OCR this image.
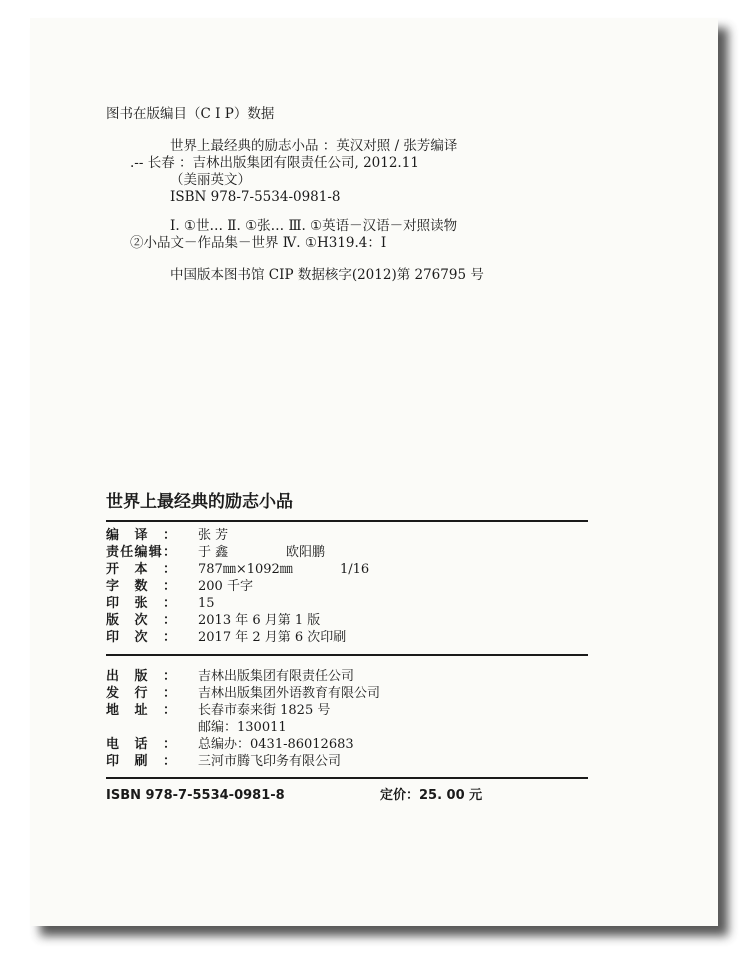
图书在版编目（C I P）数据
世界上最经典的励志小品 ：英汉对照 / 张芳编译
.-- 长春 ：吉林出版集团有限责任公司, 2012.11
（美丽英文）
ISBN 978-7-5534-0981-8
Ⅰ. ①世… Ⅱ. ①张… Ⅲ. ①英语－汉语－对照读物
②小品文－作品集－世界 Ⅳ. ①H319.4：I
中国版本图书馆 CIP 数据核字(2012)第 276795 号
世界上最经典的励志小品
编 译 ： 张 芳
责 任 编 辑 ： 于 鑫	欧阳鹏
开 本 ： 787㎜×1092㎜	1/16
字 数 ： 200 千字
印 张 ： 15
版 次 ： 2013 年 6 月第 1 版
印 次 ： 2017 年 2 月第 6 次印刷
出 版 ： 吉林出版集团有限责任公司
发 行 ： 吉林出版集团外语教育有限公司
地 址 ： 长春市泰来街 1825 号
邮编：130011
电 话 ： 总编办：0431-86012683
印 刷 ： 三河市腾飞印务有限公司
ISBN 978-7-5534-0981-8	定价：25. 00 元
